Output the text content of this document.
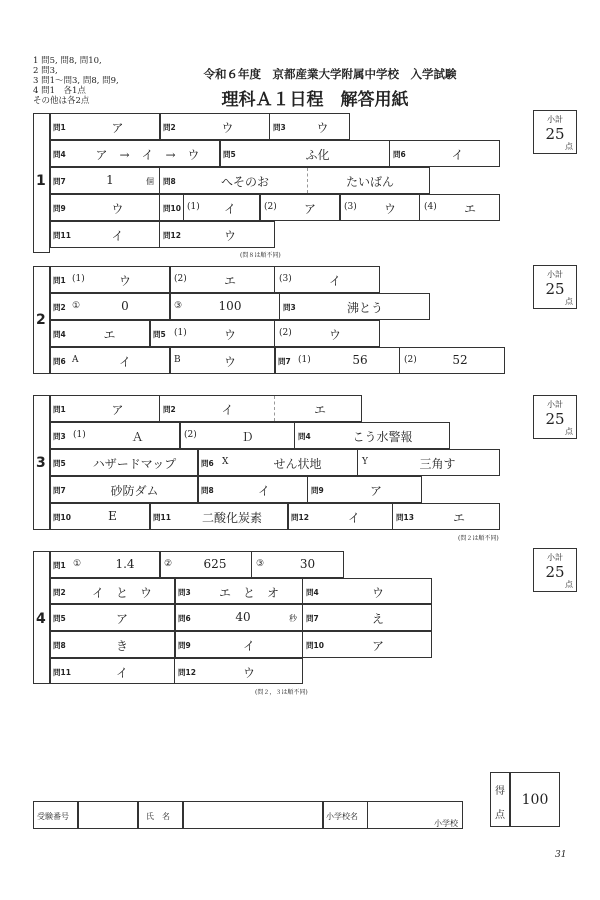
1 問5, 問8, 問10,
2 問3,
3 問1～問3, 問8, 問9,
4 問1　各1点
その他は各2点
令和６年度　京都産業大学附属中学校　入学試験
理科Ａ１日程　解答用紙
1
問1	ア	問2	ウ	問3	ウ
問4	ア　→　イ　→　ウ	問5	ふ化	問6	イ
問7	1	個 問8	へそのお	たいばん
問9	ウ	問10 (1)	イ	(2)	ア	(3)	ウ	(4)	エ
問11	イ	問12	ウ
(問８は順不同)
小計
25
点
2
問1 (1)	ウ	(2)	エ	(3)	イ
問2 ①	0	③	100	問3	沸とう
問4	エ	問5 (1)	ウ	(2)	ウ
問6 A	イ	B	ウ	問7 (1)	56	(2)	52
小計
25
点
3
問1	ア	問2	イ	エ
問3 (1)	Ａ	(2)	Ｄ	問4	こう水警報
問5	ハザードマップ	問6 X	せん状地	Y	三角す
問7	砂防ダム	問8	イ	問9	ア
問10	E	問11	二酸化炭素	問12	イ	問13	エ
(問２は順不同)
小計
25
点
4
問1 ①	1.4	②	625	③	30
問2	イ　と　ウ	問3	エ　と　オ	問4	ウ
問5	ア	問6	40	秒 問7	え
問8	き	問9	イ	問10	ア
問11	イ	問12	ウ
(問２，３は順不同)
小計
25
点
受験番号	氏　名	小学校名
小学校
得
点
100
31
